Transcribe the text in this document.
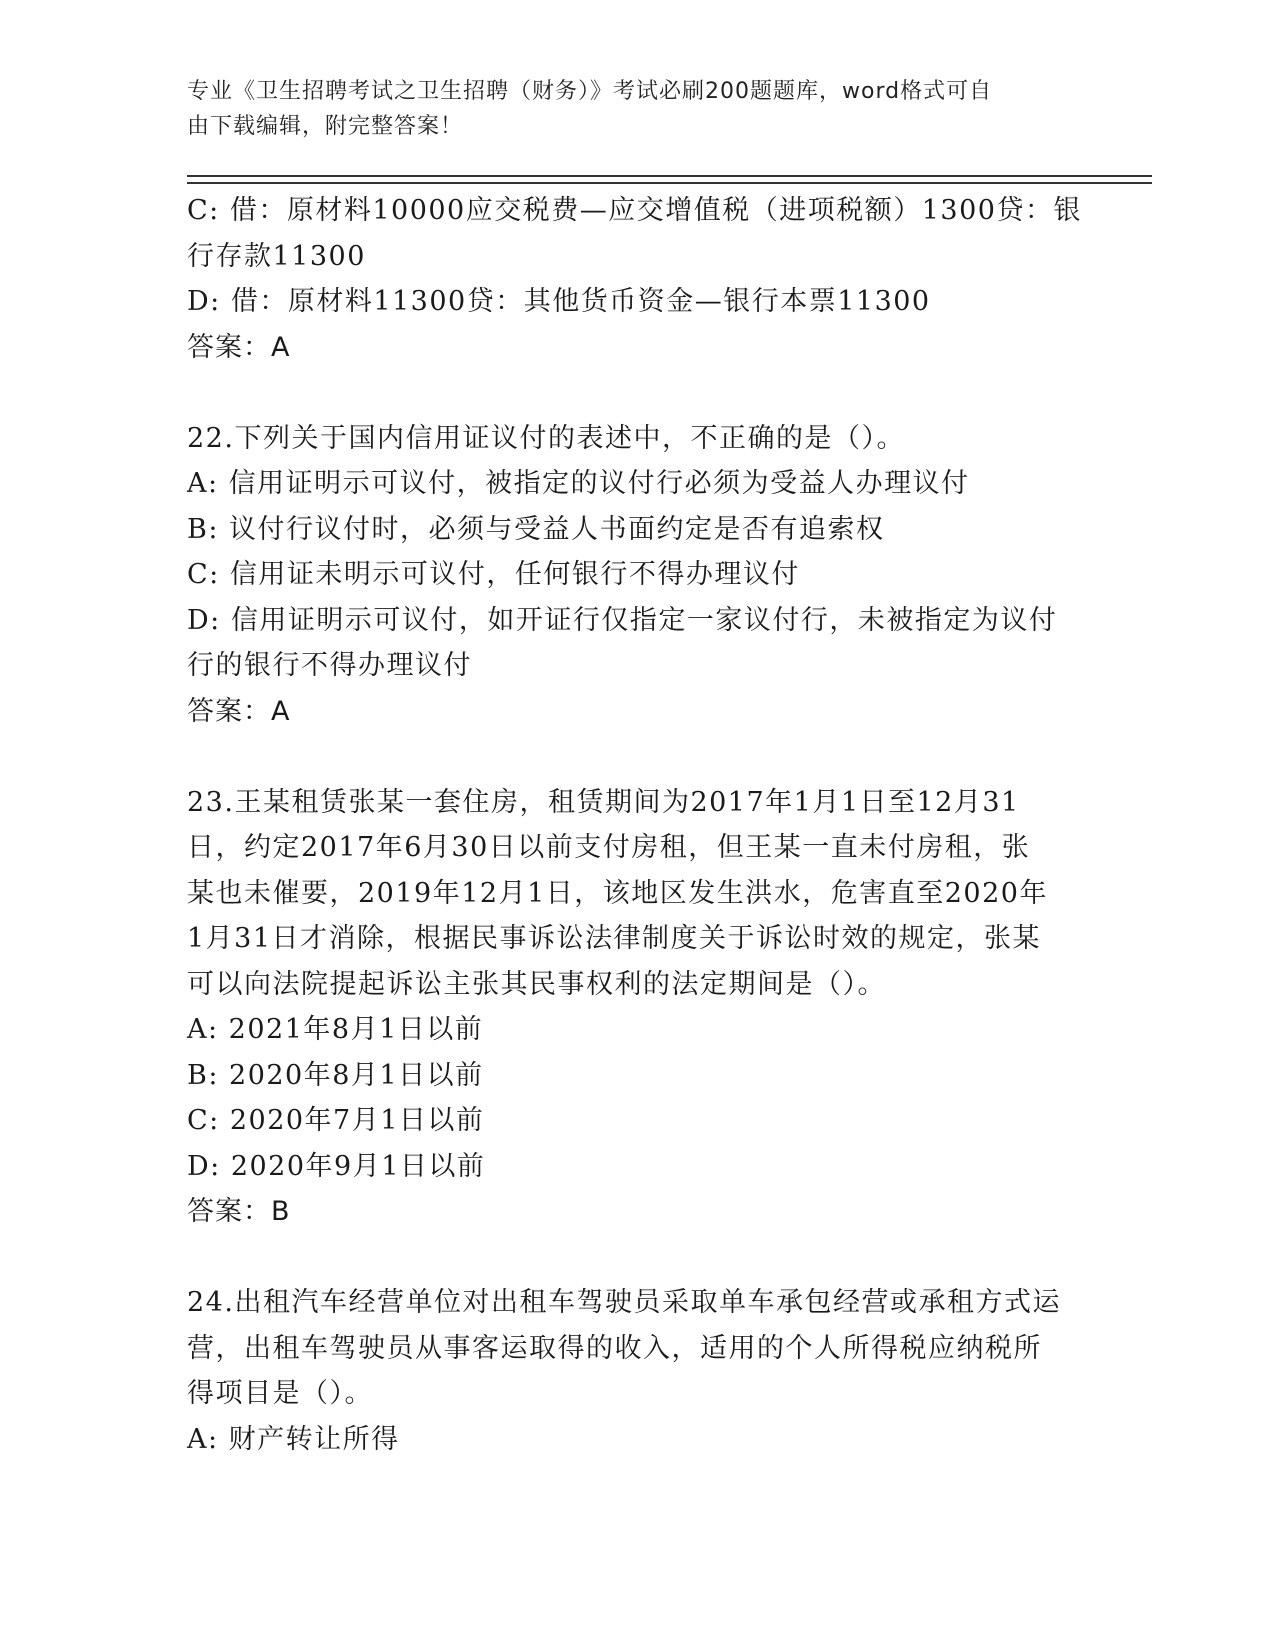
专业《卫生招聘考试之卫生招聘（财务）》考试必刷200题题库，word格式可自
由下载编辑，附完整答案！
C: 借：原材料10000应交税费—应交增值税（进项税额）1300贷：银
行存款11300
D: 借：原材料11300贷：其他货币资金—银行本票11300
答案：A
22.下列关于国内信用证议付的表述中，不正确的是（）。
A: 信用证明示可议付，被指定的议付行必须为受益人办理议付
B: 议付行议付时，必须与受益人书面约定是否有追索权
C: 信用证未明示可议付，任何银行不得办理议付
D: 信用证明示可议付，如开证行仅指定一家议付行，未被指定为议付
行的银行不得办理议付
答案：A
23.王某租赁张某一套住房，租赁期间为2017年1月1日至12月31
日，约定2017年6月30日以前支付房租，但王某一直未付房租，张
某也未催要，2019年12月1日，该地区发生洪水，危害直至2020年
1月31日才消除，根据民事诉讼法律制度关于诉讼时效的规定，张某
可以向法院提起诉讼主张其民事权利的法定期间是（）。
A: 2021年8月1日以前
B: 2020年8月1日以前
C: 2020年7月1日以前
D: 2020年9月1日以前
答案：B
24.出租汽车经营单位对出租车驾驶员采取单车承包经营或承租方式运
营，出租车驾驶员从事客运取得的收入，适用的个人所得税应纳税所
得项目是（）。
A: 财产转让所得
